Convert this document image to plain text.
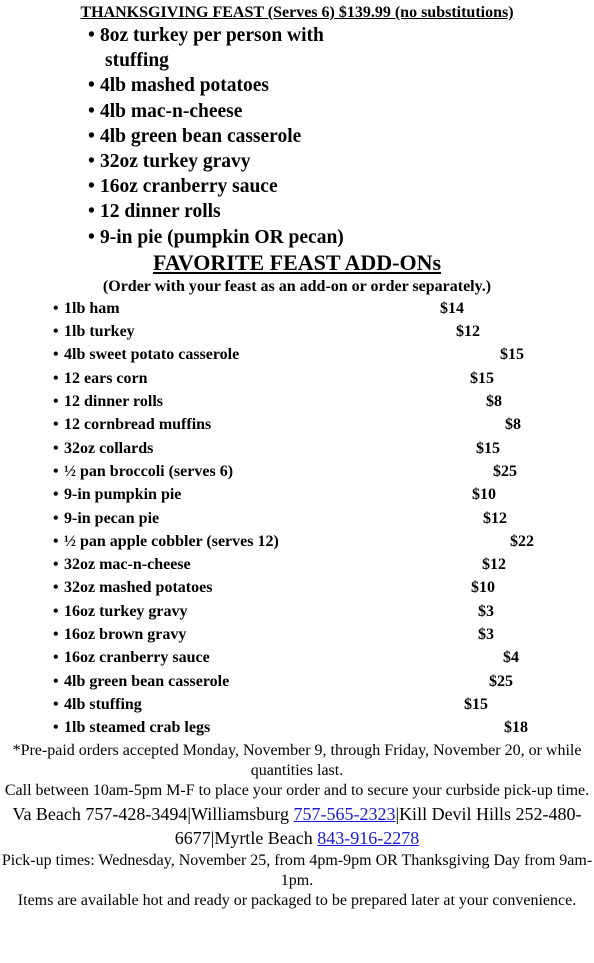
THANKSGIVING FEAST (Serves 6) $139.99 (no substitutions)
• 8oz turkey per person with
stuffing
• 4lb mashed potatoes
• 4lb mac-n-cheese
• 4lb green bean casserole
• 32oz turkey gravy
• 16oz cranberry sauce
• 12 dinner rolls
• 9-in pie (pumpkin OR pecan)
FAVORITE FEAST ADD-ONs
(Order with your feast as an add-on or order separately.)
• 1lb ham	$14
• 1lb turkey	$12
• 4lb sweet potato casserole	$15
• 12 ears corn	$15
• 12 dinner rolls	$8
• 12 cornbread muffins	$8
• 32oz collards	$15
• ½ pan broccoli (serves 6)	$25
• 9-in pumpkin pie	$10
• 9-in pecan pie	$12
• ½ pan apple cobbler (serves 12)	$22
• 32oz mac-n-cheese	$12
• 32oz mashed potatoes	$10
• 16oz turkey gravy	$3
• 16oz brown gravy	$3
• 16oz cranberry sauce	$4
• 4lb green bean casserole	$25
• 4lb stuffing	$15
• 1lb steamed crab legs	$18
*Pre-paid orders accepted Monday, November 9, through Friday, November 20, or while quantities last.
Call between 10am-5pm M-F to place your order and to secure your curbside pick-up time.
Va Beach 757-428-3494|Williamsburg 757-565-2323|Kill Devil Hills 252-480-6677|Myrtle Beach 843-916-2278
Pick-up times: Wednesday, November 25, from 4pm-9pm OR Thanksgiving Day from 9am-1pm.
Items are available hot and ready or packaged to be prepared later at your convenience.
